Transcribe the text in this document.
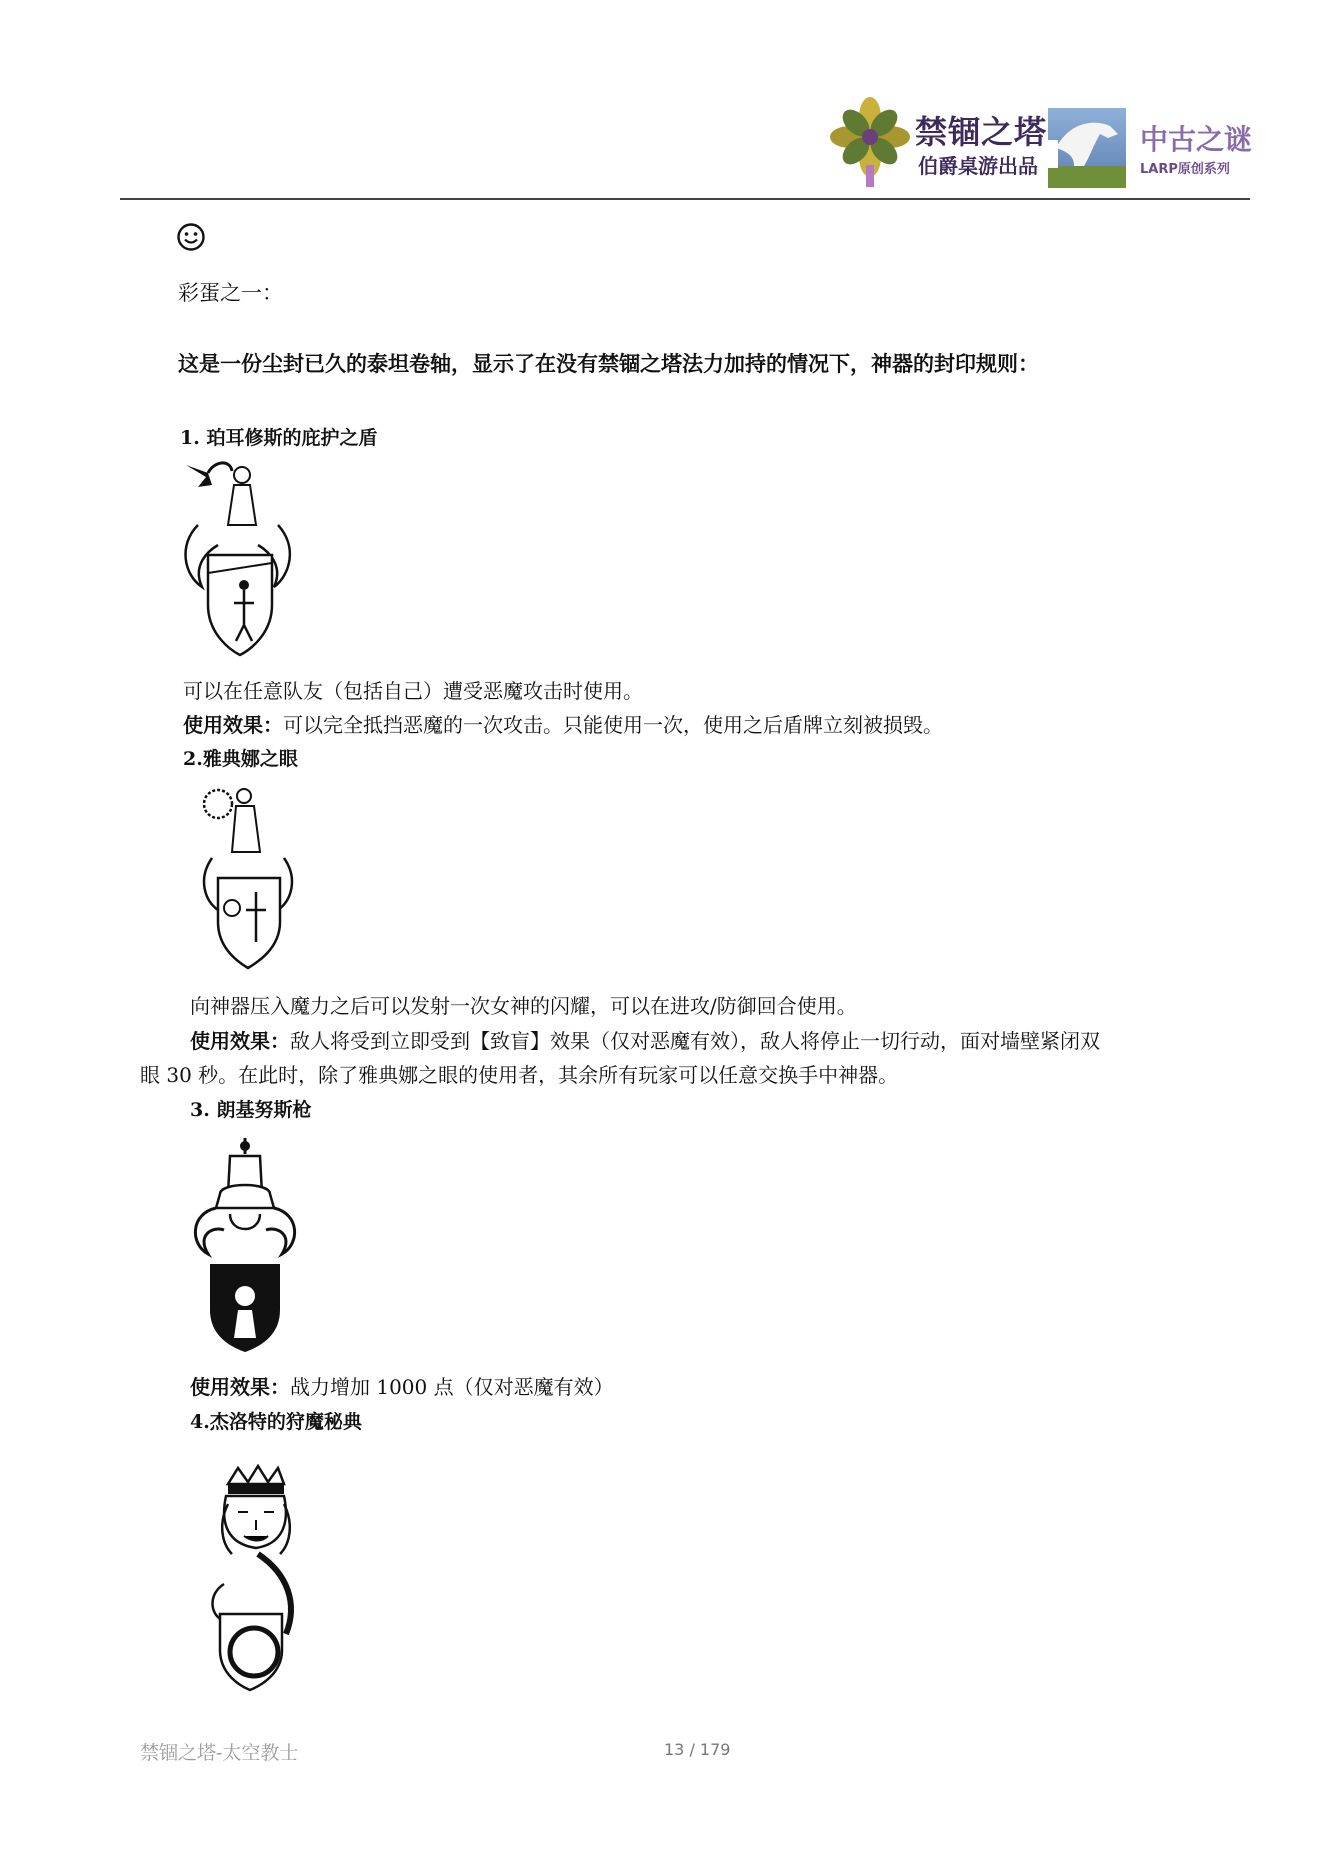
禁锢之塔
伯爵桌游出品
中古之谜
LARP原创系列
彩蛋之一：
这是一份尘封已久的泰坦卷轴，显示了在没有禁锢之塔法力加持的情况下，神器的封印规则：
1. 珀耳修斯的庇护之盾
可以在任意队友（包括自己）遭受恶魔攻击时使用。
使用效果：可以完全抵挡恶魔的一次攻击。只能使用一次，使用之后盾牌立刻被损毁。
2.雅典娜之眼
向神器压入魔力之后可以发射一次女神的闪耀，可以在进攻/防御回合使用。
使用效果：敌人将受到立即受到【致盲】效果（仅对恶魔有效），敌人将停止一切行动，面对墙壁紧闭双
眼 30 秒。在此时，除了雅典娜之眼的使用者，其余所有玩家可以任意交换手中神器。
3. 朗基努斯枪
使用效果：战力增加 1000 点（仅对恶魔有效）
4.杰洛特的狩魔秘典
禁锢之塔-太空教士	13 / 179
